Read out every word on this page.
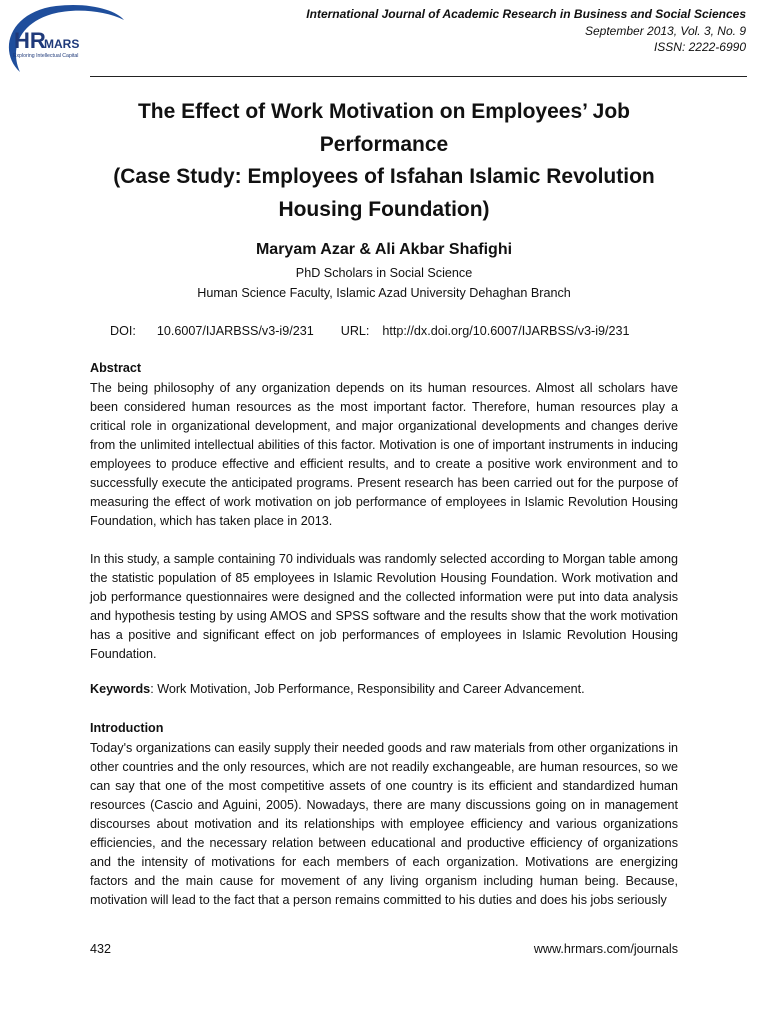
HR
MARS
Exploring Intellectual Capital
International Journal of Academic Research in Business and Social Sciences
September 2013, Vol. 3, No. 9
ISSN: 2222-6990
The Effect of Work Motivation on Employees’ Job
Performance
(Case Study: Employees of Isfahan Islamic Revolution
Housing Foundation)
Maryam Azar & Ali Akbar Shafighi
PhD Scholars in Social Science
Human Science Faculty, Islamic Azad University Dehaghan Branch
DOI: 10.6007/IJARBSS/v3-i9/231 URL: http://dx.doi.org/10.6007/IJARBSS/v3-i9/231
Abstract
The being philosophy of any organization depends on its human resources. Almost all scholars have been considered human resources as the most important factor. Therefore, human resources play a critical role in organizational development, and major organizational developments and changes derive from the unlimited intellectual abilities of this factor. Motivation is one of important instruments in inducing employees to produce effective and efficient results, and to create a positive work environment and to successfully execute the anticipated programs. Present research has been carried out for the purpose of measuring the effect of work motivation on job performance of employees in Islamic Revolution Housing Foundation, which has taken place in 2013.
In this study, a sample containing 70 individuals was randomly selected according to Morgan table among the statistic population of 85 employees in Islamic Revolution Housing Foundation. Work motivation and job performance questionnaires were designed and the collected information were put into data analysis and hypothesis testing by using AMOS and SPSS software and the results show that the work motivation has a positive and significant effect on job performances of employees in Islamic Revolution Housing Foundation.
Keywords: Work Motivation, Job Performance, Responsibility and Career Advancement.
Introduction
Today's organizations can easily supply their needed goods and raw materials from other organizations in other countries and the only resources, which are not readily exchangeable, are human resources, so we can say that one of the most competitive assets of one country is its efficient and standardized human resources (Cascio and Aguini, 2005). Nowadays, there are many discussions going on in management discourses about motivation and its relationships with employee efficiency and various organizations efficiencies, and the necessary relation between educational and productive efficiency of organizations and the intensity of motivations for each members of each organization. Motivations are energizing factors and the main cause for movement of any living organism including human being. Because, motivation will lead to the fact that a person remains committed to his duties and does his jobs seriously
432	www.hrmars.com/journals
